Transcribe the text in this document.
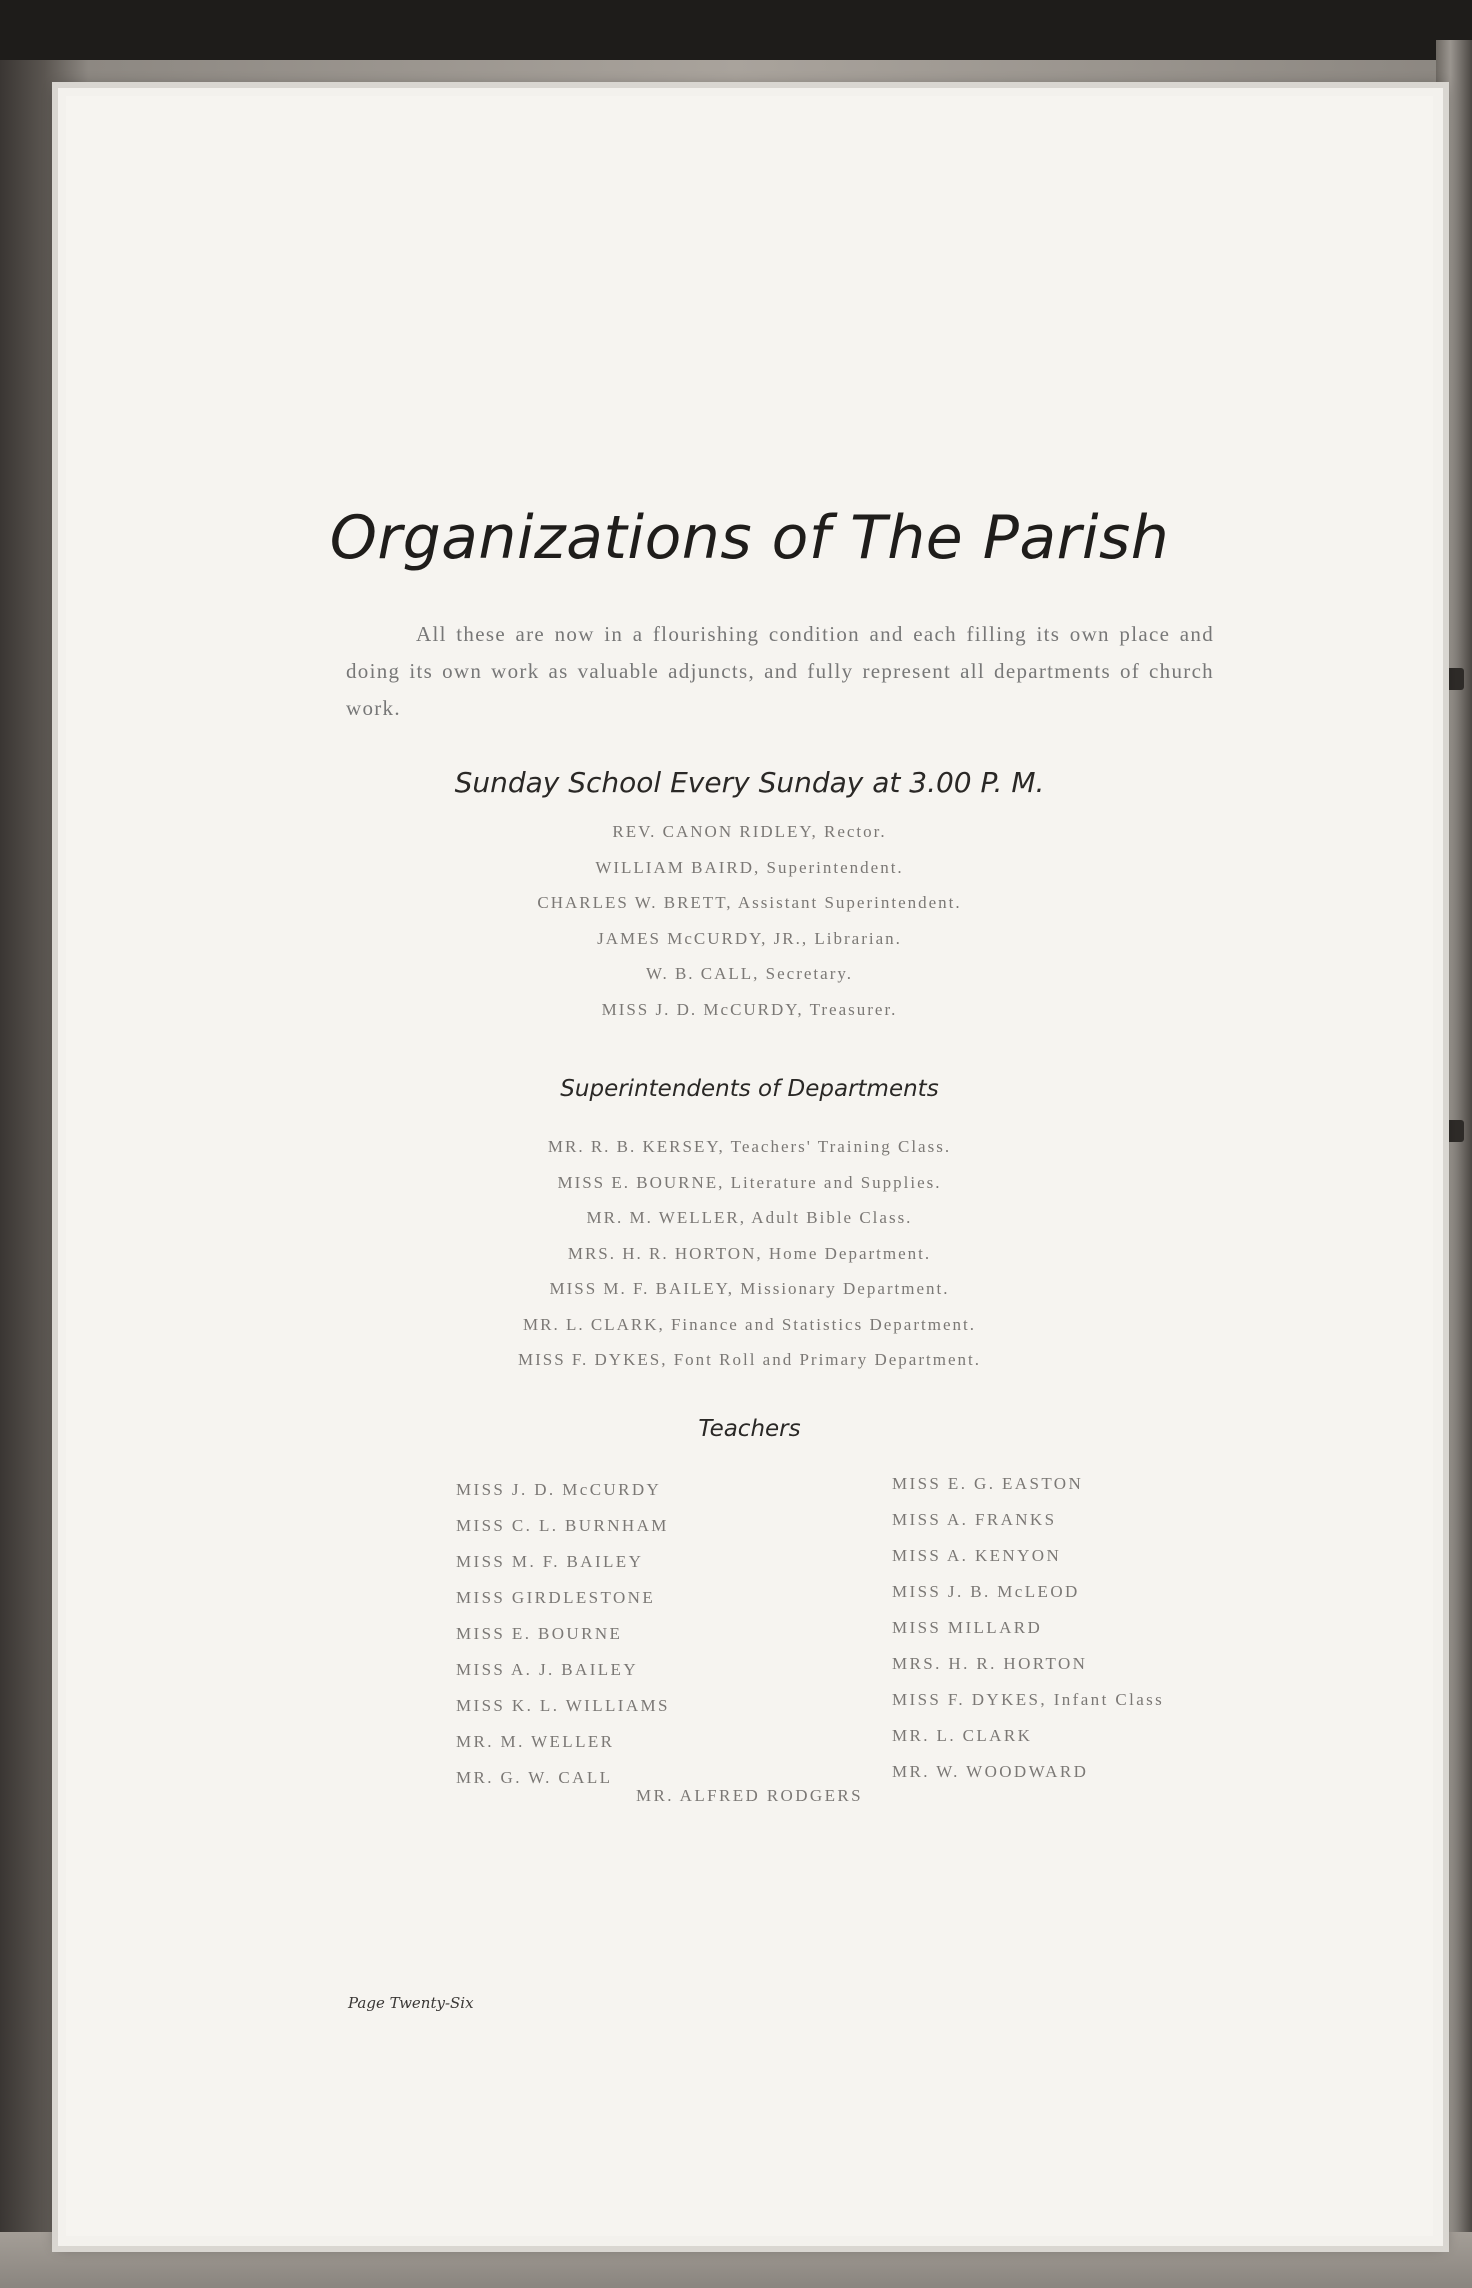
Organizations of The Parish

All these are now in a flourishing condition and each filling its own place and doing its own work as valuable adjuncts, and fully represent all departments of church work.

Sunday School Every Sunday at 3.00 P. M.
REV. CANON RIDLEY, Rector.
WILLIAM BAIRD, Superintendent.
CHARLES W. BRETT, Assistant Superintendent.
JAMES McCURDY, JR., Librarian.
W. B. CALL, Secretary.
MISS J. D. McCURDY, Treasurer.
Superintendents of Departments
MR. R. B. KERSEY, Teachers' Training Class.
MISS E. BOURNE, Literature and Supplies.
MR. M. WELLER, Adult Bible Class.
MRS. H. R. HORTON, Home Department.
MISS M. F. BAILEY, Missionary Department.
MR. L. CLARK, Finance and Statistics Department.
MISS F. DYKES, Font Roll and Primary Department.
Teachers
MISS J. D. McCURDY
MISS C. L. BURNHAM
MISS M. F. BAILEY
MISS GIRDLESTONE
MISS E. BOURNE
MISS A. J. BAILEY
MISS K. L. WILLIAMS
MR. M. WELLER
MR. G. W. CALL
MISS E. G. EASTON
MISS A. FRANKS
MISS A. KENYON
MISS J. B. McLEOD
MISS MILLARD
MRS. H. R. HORTON
MISS F. DYKES, Infant Class
MR. L. CLARK
MR. W. WOODWARD
MR. ALFRED RODGERS
Page Twenty-Six
